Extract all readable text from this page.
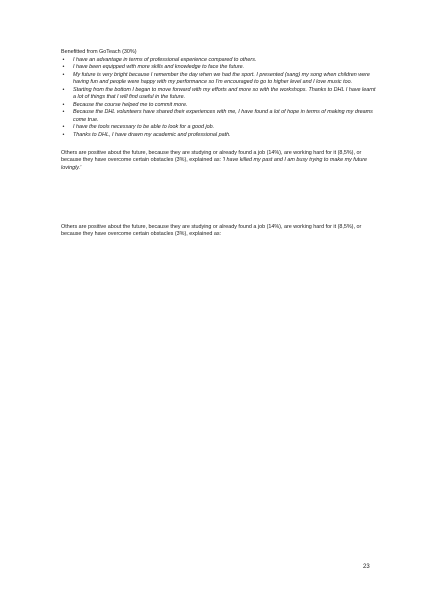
Benefitted from GoTeach (30%)
• I have an advantage in terms of professional experience compared to others.
• I have been equipped with more skills and knowledge to face the future.
• My future is very bright because I remember the day when we had the sport. I presented (sang) my song when children were having fun and people were happy with my performance so I'm encouraged to go to higher level and I love music too.
• Starting from the bottom I began to move forward with my efforts and more so with the workshops. Thanks to DHL I have learnt a lot of things that I will find useful in the future.
• Because the course helped me to commit more.
• Because the DHL volunteers have shared their experiences with me, I have found a lot of hope in terms of making my dreams come true.
• I have the tools necessary to be able to look for a good job.
• Thanks to DHL, I have drawn my academic and professional path.

Others are positive about the future, because they are studying or already found a job (14%), are working hard for it (8,5%), or because they have overcome certain obstacles (3%), explained as: 'I have killed my past and I am busy trying to make my future lovingly.'

Others are positive about the future, because they are studying or already found a job (14%), are working hard for it (8,5%), or because they have overcome certain obstacles (3%), explained as:

23
